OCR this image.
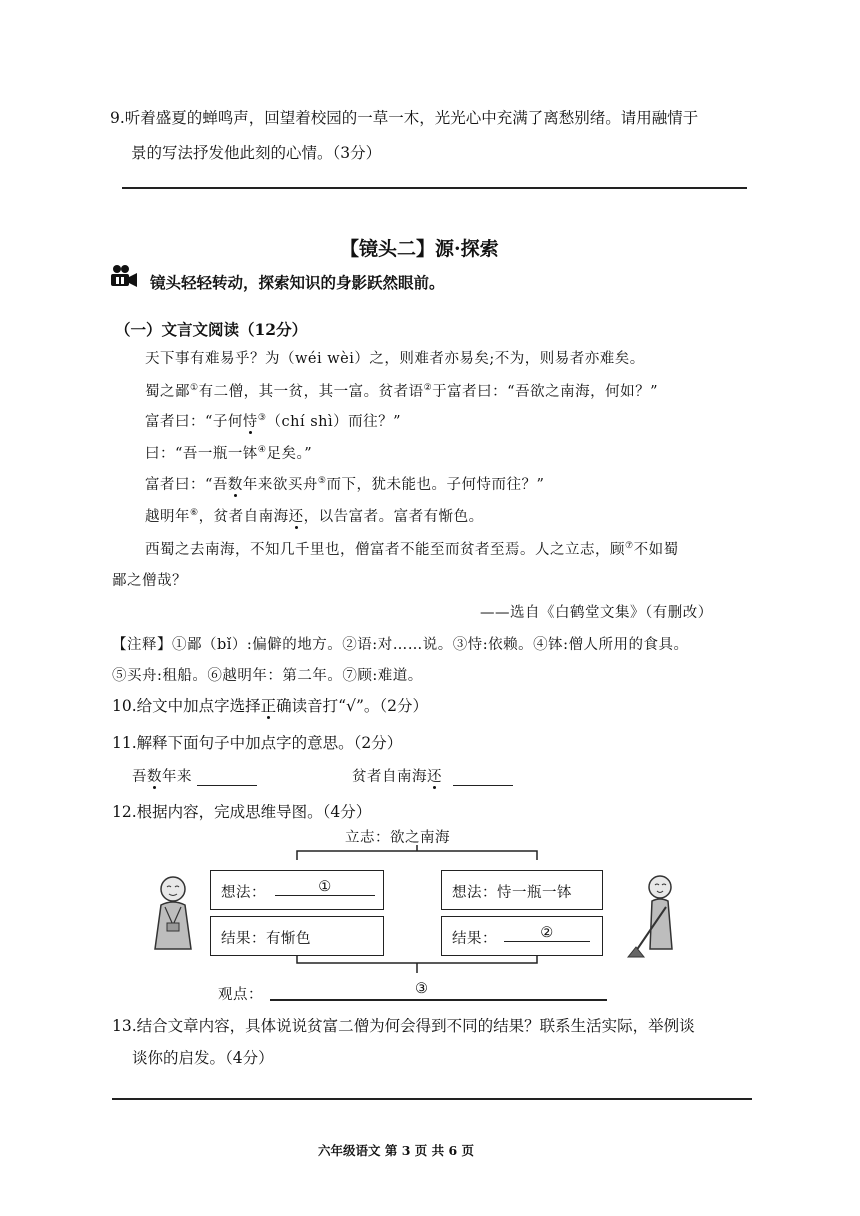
9.听着盛夏的蝉鸣声，回望着校园的一草一木，光光心中充满了离愁别绪。请用融情于
景的写法抒发他此刻的心情。（3分）
【镜头二】源·探索
镜头轻轻转动，探索知识的身影跃然眼前。
（一）文言文阅读（12分）
天下事有难易乎？为（wéi wèi）之，则难者亦易矣;不为，则易者亦难矣。
蜀之鄙①有二僧，其一贫，其一富。贫者语②于富者曰：“吾欲之南海，何如？”
富者曰：“子何恃③（chí shì）而往？”
曰：“吾一瓶一钵④足矣。”
富者曰：“吾数年来欲买舟⑤而下，犹未能也。子何恃而往？”
越明年⑥，贫者自南海还，以告富者。富者有惭色。
西蜀之去南海，不知几千里也，僧富者不能至而贫者至焉。人之立志，顾⑦不如蜀
鄙之僧哉？
——选自《白鹤堂文集》（有删改）
【注释】①鄙（bǐ）:偏僻的地方。②语:对……说。③恃:依赖。④钵:僧人所用的食具。
⑤买舟:租船。⑥越明年：第二年。⑦顾:难道。
10.给文中加点字选择正确读音打“√”。（2分）
11.解释下面句子中加点字的意思。（2分）
吾数年来	贫者自南海还
12.根据内容，完成思维导图。（4分）
立志：欲之南海
想法：	①
结果：有惭色
想法：恃一瓶一钵
结果：	②
观点：	③
13.结合文章内容，具体说说贫富二僧为何会得到不同的结果？联系生活实际，举例谈
谈你的启发。（4分）
六年级语文 第 3 页 共 6 页
